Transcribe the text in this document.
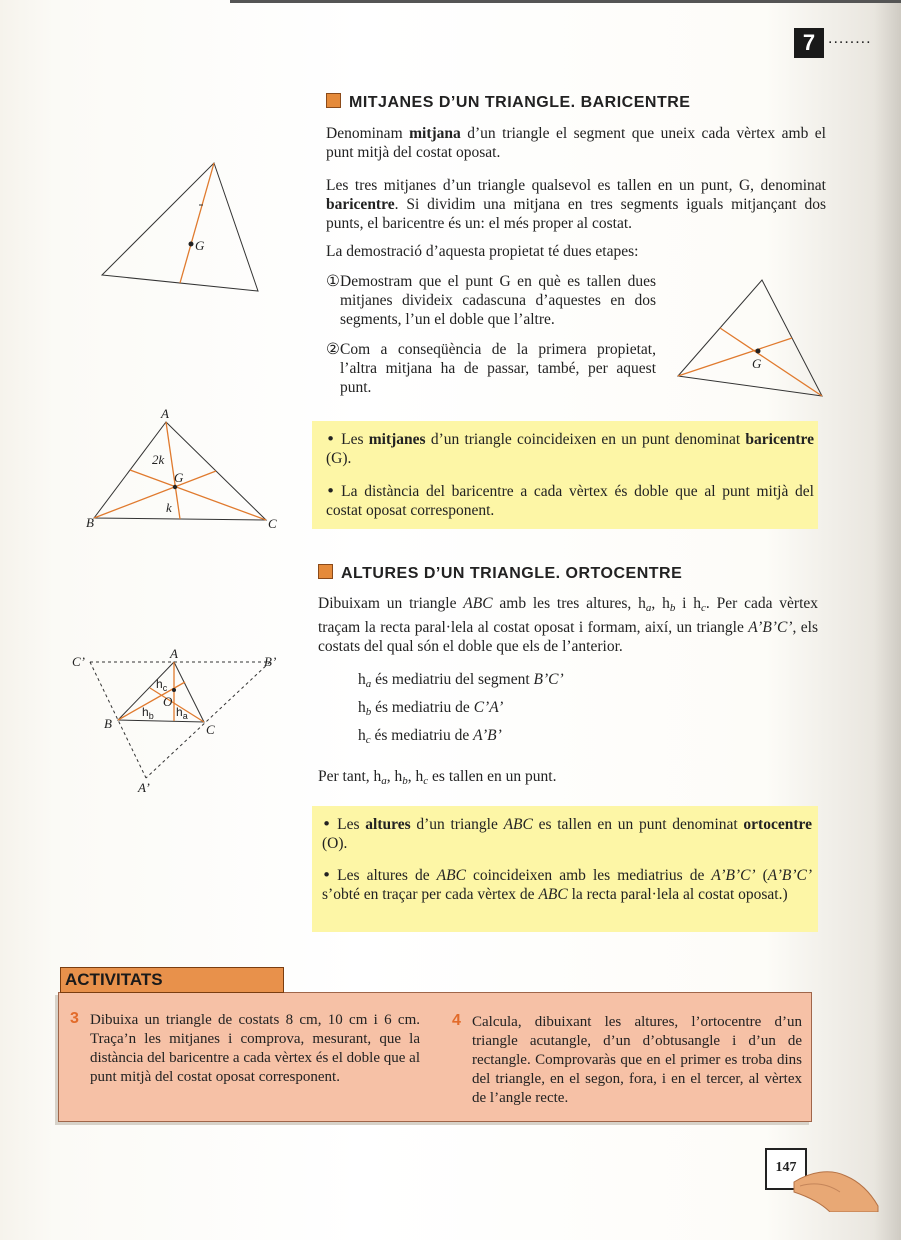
7 ........
MITJANES D’UN TRIANGLE. BARICENTRE

Denominam mitjana d’un triangle el segment que uneix cada vèrtex amb el punt mitjà del costat oposat.

Les tres mitjanes d’un triangle qualsevol es tallen en un punt, G, denominat baricentre. Si dividim una mitjana en tres segments iguals mitjançant dos punts, el baricentre és un: el més proper al costat.

La demostració d’aquesta propietat té dues etapes:

① Demostram que el punt G en què es tallen dues mitjanes divideix cadascuna d’aquestes en dos segments, l’un el doble que l’altre.
② Com a conseqüència de la primera propietat, l’altra mitjana ha de passar, també, per aquest punt.
• Les mitjanes d’un triangle coincideixen en un punt denominat baricentre (G).
• La distància del baricentre a cada vèrtex és doble que al punt mitjà del costat oposat corresponent.
ALTURES D’UN TRIANGLE. ORTOCENTRE

Dibuixam un triangle ABC amb les tres altures, $h_a$, $h_b$ i $h_c$. Per cada vèrtex traçam la recta paral·lela al costat oposat i formam, així, un triangle A’B’C’, els costats del qual són el doble que els de l’anterior.

$h_a$ és mediatriu del segment B’C’
$h_b$ és mediatriu de C’A’
$h_c$ és mediatriu de A’B’
Per tant, $h_a$, $h_b$, $h_c$ es tallen en un punt.
• Les altures d’un triangle ABC es tallen en un punt denominat ortocentre (O).
• Les altures de ABC coincideixen amb les mediatrius de A’B’C’ (A’B’C’ s’obté en traçar per cada vèrtex de ABC la recta paral·lela al costat oposat.)
G
G
A
B	C
G
2k
k
A
B	C
A’
B’
C’
O
$h_c$
$h_b$ $h_a$
ACTIVITATS
3 Dibuixa un triangle de costats 8 cm, 10 cm i 6 cm. Traça’n les mitjanes i comprova, mesurant, que la distància del baricentre a cada vèrtex és el doble que al punt mitjà del costat oposat corresponent.
4 Calcula, dibuixant les altures, l’ortocentre d’un triangle acutangle, d’un d’obtusangle i d’un de rectangle. Comprovaràs que en el primer es troba dins del triangle, en el segon, fora, i en el tercer, al vèrtex de l’angle recte.
147
